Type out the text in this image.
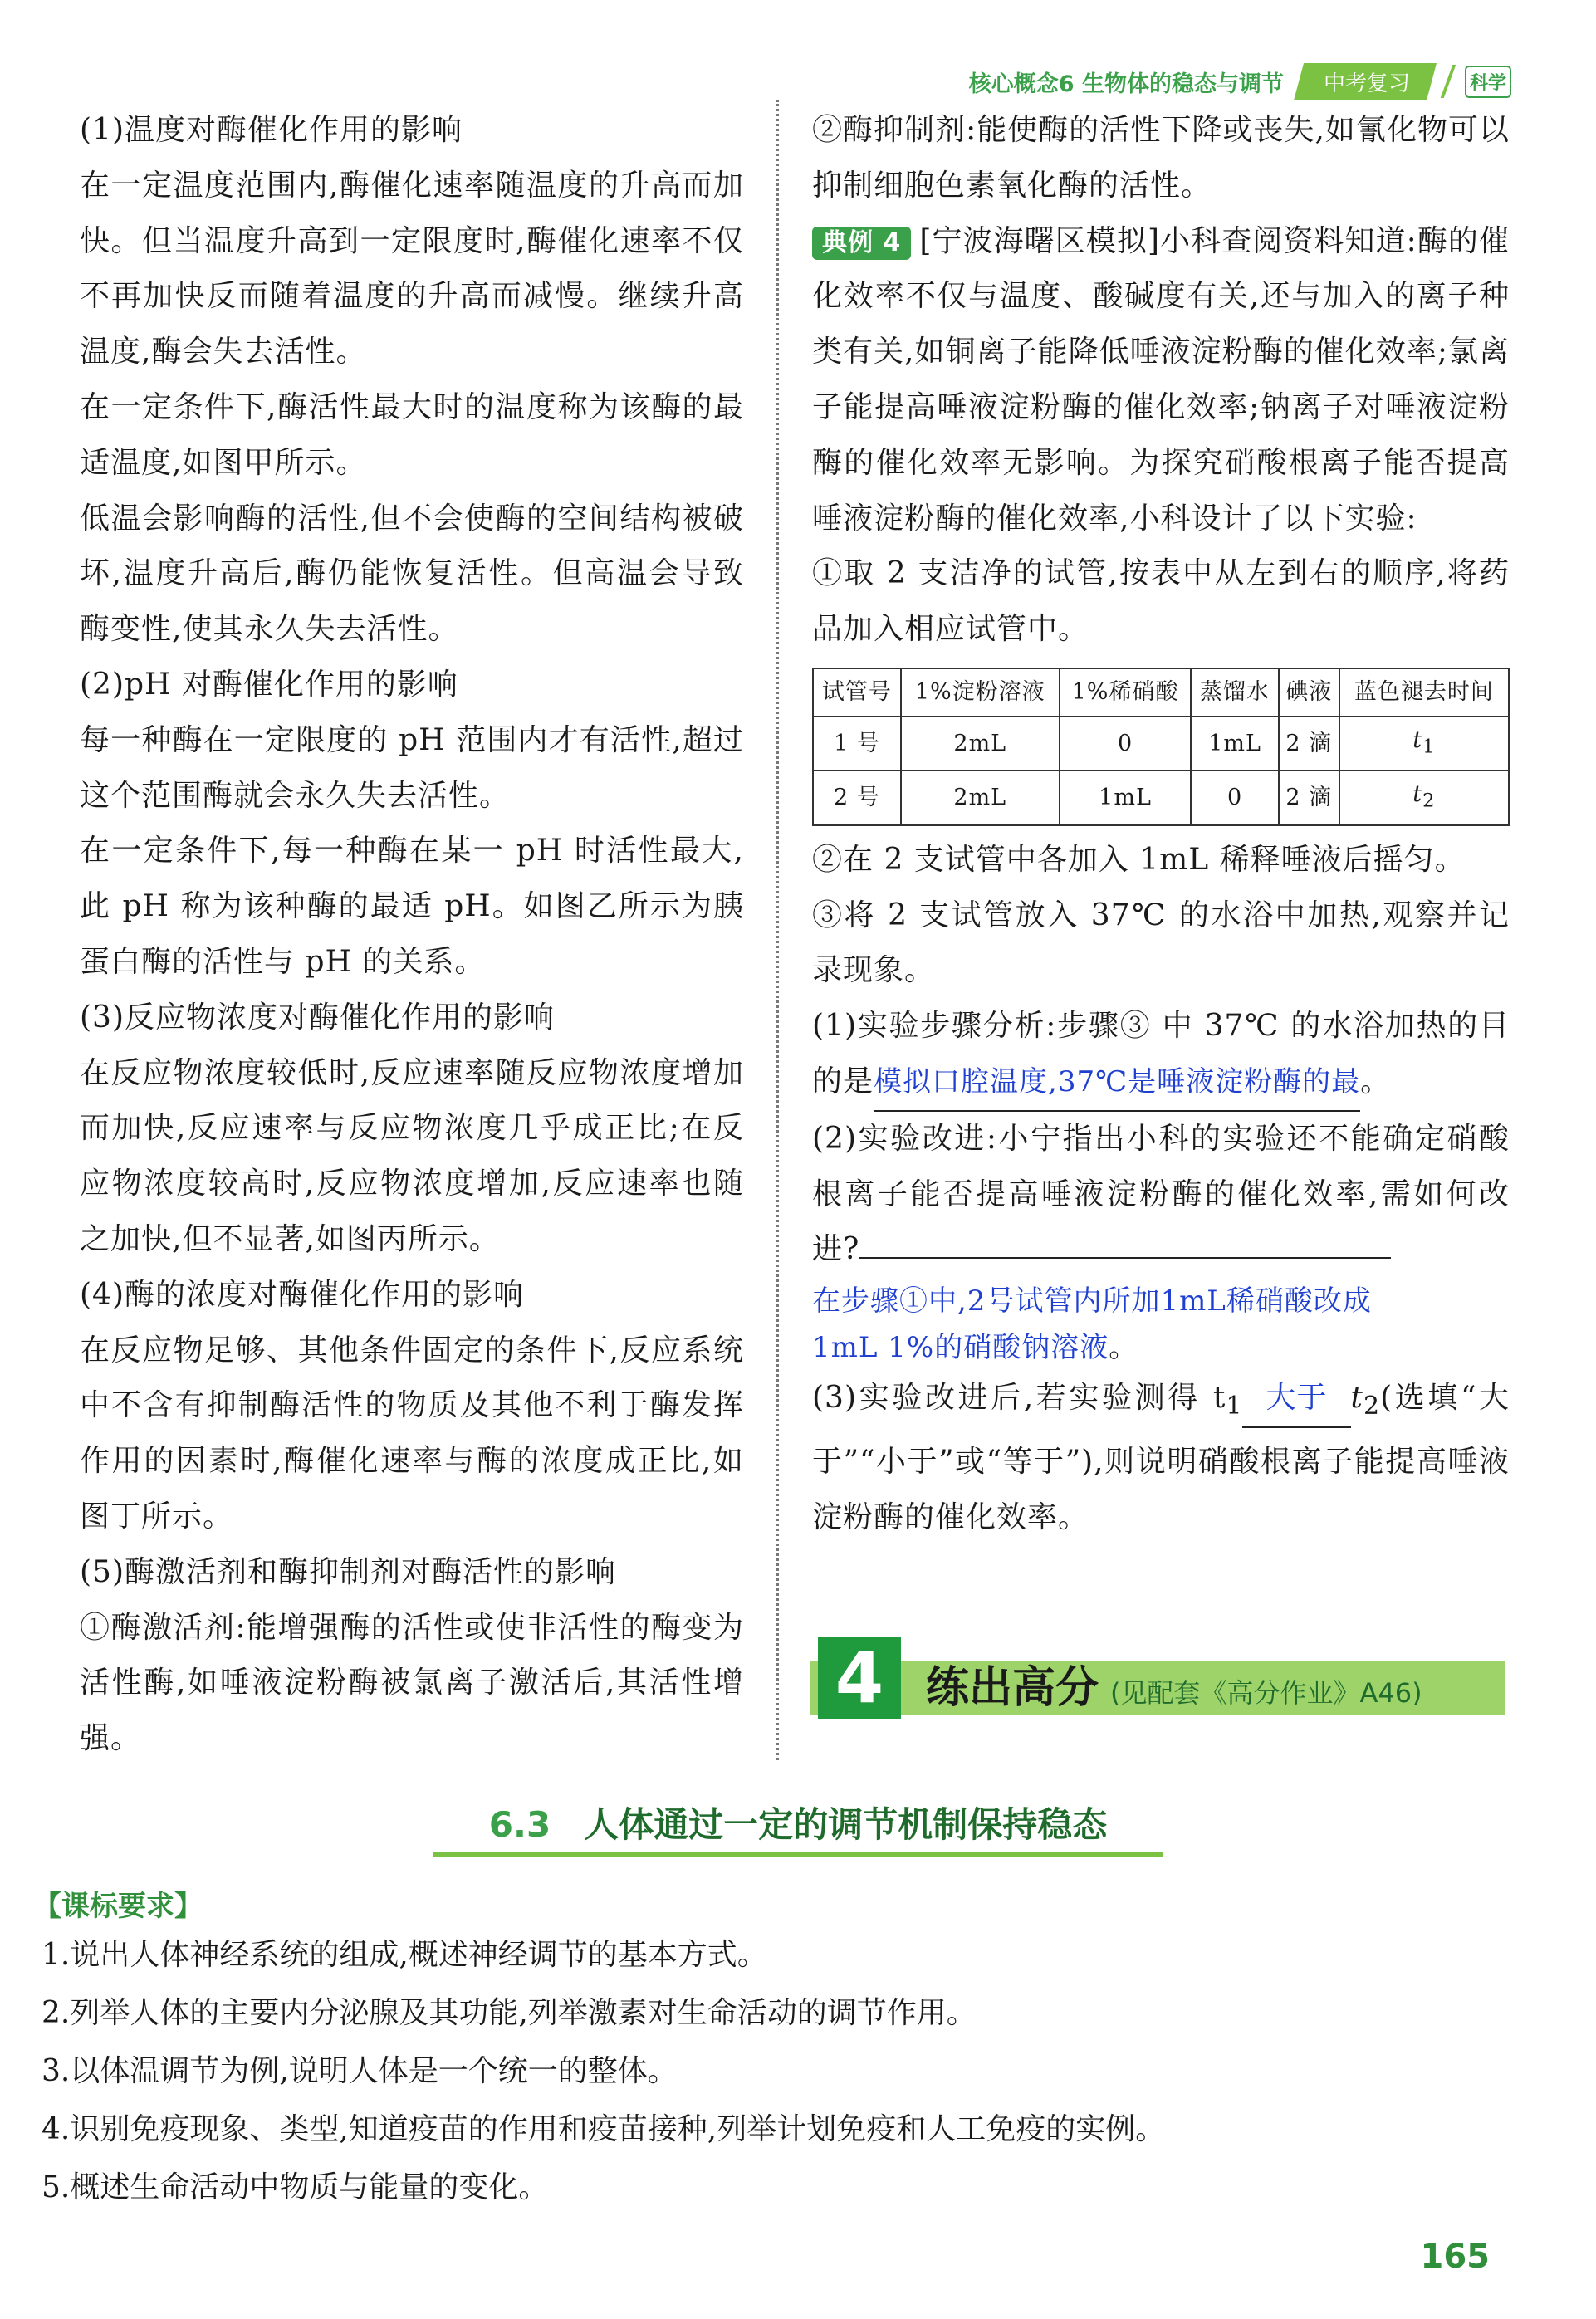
核心概念6 生物体的稳态与调节	中考复习	科学

(1)温度对酶催化作用的影响

在一定温度范围内,酶催化速率随温度的升高而加快。但当温度升高到一定限度时,酶催化速率不仅不再加快反而随着温度的升高而减慢。继续升高温度,酶会失去活性。

在一定条件下,酶活性最大时的温度称为该酶的最适温度,如图甲所示。

低温会影响酶的活性,但不会使酶的空间结构被破坏,温度升高后,酶仍能恢复活性。但高温会导致酶变性,使其永久失去活性。

(2)pH 对酶催化作用的影响

每一种酶在一定限度的 pH 范围内才有活性,超过这个范围酶就会永久失去活性。

在一定条件下,每一种酶在某一 pH 时活性最大,此 pH 称为该种酶的最适 pH。如图乙所示为胰蛋白酶的活性与 pH 的关系。

(3)反应物浓度对酶催化作用的影响

在反应物浓度较低时,反应速率随反应物浓度增加而加快,反应速率与反应物浓度几乎成正比;在反应物浓度较高时,反应物浓度增加,反应速率也随之加快,但不显著,如图丙所示。

(4)酶的浓度对酶催化作用的影响

在反应物足够、其他条件固定的条件下,反应系统中不含有抑制酶活性的物质及其他不利于酶发挥作用的因素时,酶催化速率与酶的浓度成正比,如图丁所示。

(5)酶激活剂和酶抑制剂对酶活性的影响

①酶激活剂:能增强酶的活性或使非活性的酶变为活性酶,如唾液淀粉酶被氯离子激活后,其活性增强。

②酶抑制剂:能使酶的活性下降或丧失,如氰化物可以抑制细胞色素氧化酶的活性。

典例 4 [宁波海曙区模拟]小科查阅资料知道:酶的催化效率不仅与温度、酸碱度有关,还与加入的离子种类有关,如铜离子能降低唾液淀粉酶的催化效率;氯离子能提高唾液淀粉酶的催化效率;钠离子对唾液淀粉酶的催化效率无影响。为探究硝酸根离子能否提高唾液淀粉酶的催化效率,小科设计了以下实验:

①取 2 支洁净的试管,按表中从左到右的顺序,将药品加入相应试管中。

试管号	1%淀粉溶液	1%稀硝酸	蒸馏水	碘液	蓝色褪去时间
1 号	2mL	0	1mL	2 滴	$t_1$
2 号	2mL	1mL	0	2 滴	$t_2$

②在 2 支试管中各加入 1mL 稀释唾液后摇匀。

③将 2 支试管放入 37℃ 的水浴中加热,观察并记录现象。

(1)实验步骤分析:步骤③ 中 37℃ 的水浴加热的目的是模拟口腔温度,37℃是唾液淀粉酶的最。

(2)实验改进:小宁指出小科的实验还不能确定硝酸根离子能否提高唾液淀粉酶的催化效率,需如何改进?

在步骤①中,2号试管内所加1mL稀硝酸改成
1mL 1%的硝酸钠溶液。

(3)实验改进后,若实验测得 $t_1$ 大于 $t_2$(选填“大于”“小于”或“等于”),则说明硝酸根离子能提高唾液淀粉酶的催化效率。

4 练出高分 (见配套《高分作业》A46)
6.3 人体通过一定的调节机制保持稳态
【课标要求】
1.说出人体神经系统的组成,概述神经调节的基本方式。
2.列举人体的主要内分泌腺及其功能,列举激素对生命活动的调节作用。
3.以体温调节为例,说明人体是一个统一的整体。
4.识别免疫现象、类型,知道疫苗的作用和疫苗接种,列举计划免疫和人工免疫的实例。
5.概述生命活动中物质与能量的变化。
165
